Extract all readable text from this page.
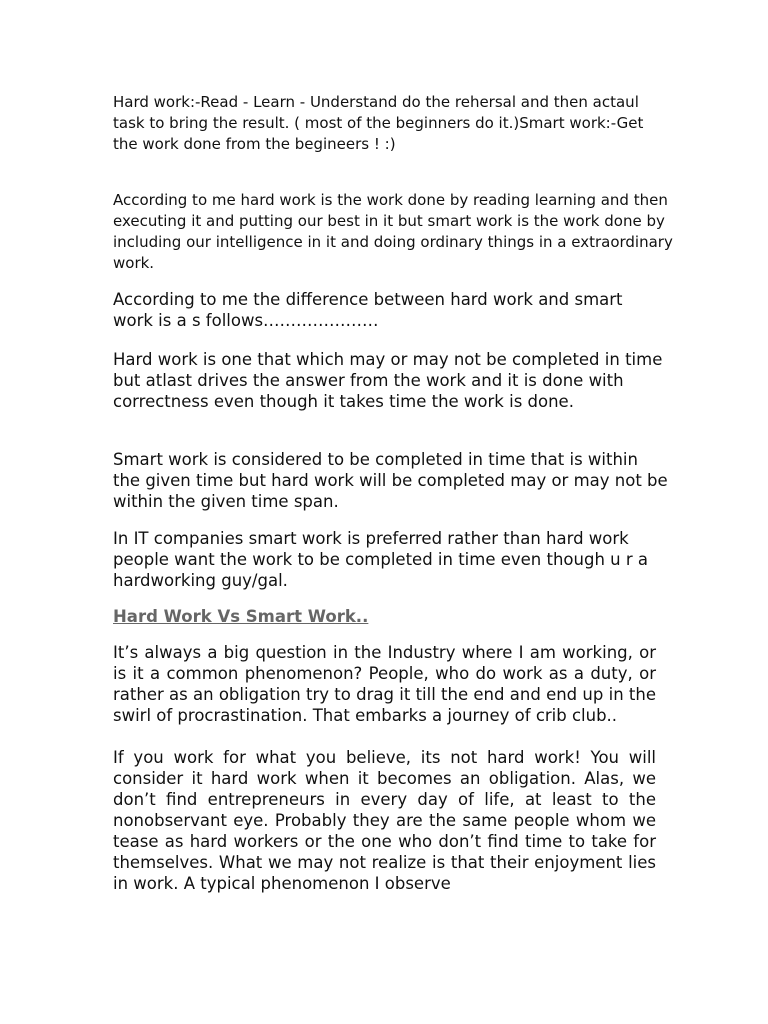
Hard work:-Read - Learn - Understand do the rehersal and then actaul task to bring the result. ( most of the beginners do it.)Smart work:-Get the work done from the begineers ! :)

According to me hard work is the work done by reading learning and then executing it and putting our best in it but smart work is the work done by including our intelligence in it and doing ordinary things in a extraordinary work.

According to me the difference between hard work and smart work is a s follows…………………

Hard work is one that which may or may not be completed in time but atlast drives the answer from the work and it is done with correctness even though it takes time the work is done.

Smart work is considered to be completed in time that is within the given time but hard work will be completed may or may not be within the given time span.

In IT companies smart work is preferred rather than hard work people want the work to be completed in time even though u r a hardworking guy/gal.

Hard Work Vs Smart Work..

It’s always a big question in the Industry where I am working, or is it a common phenomenon? People, who do work as a duty, or rather as an obligation try to drag it till the end and end up in the swirl of procrastination. That embarks a journey of crib club..

If you work for what you believe, its not hard work! You will consider it hard work when it becomes an obligation. Alas, we don’t find entrepreneurs in every day of life, at least to the nonobservant eye. Probably they are the same people whom we tease as hard workers or the one who don’t find time to take for themselves. What we may not realize is that their enjoyment lies in work. A typical phenomenon I observe
